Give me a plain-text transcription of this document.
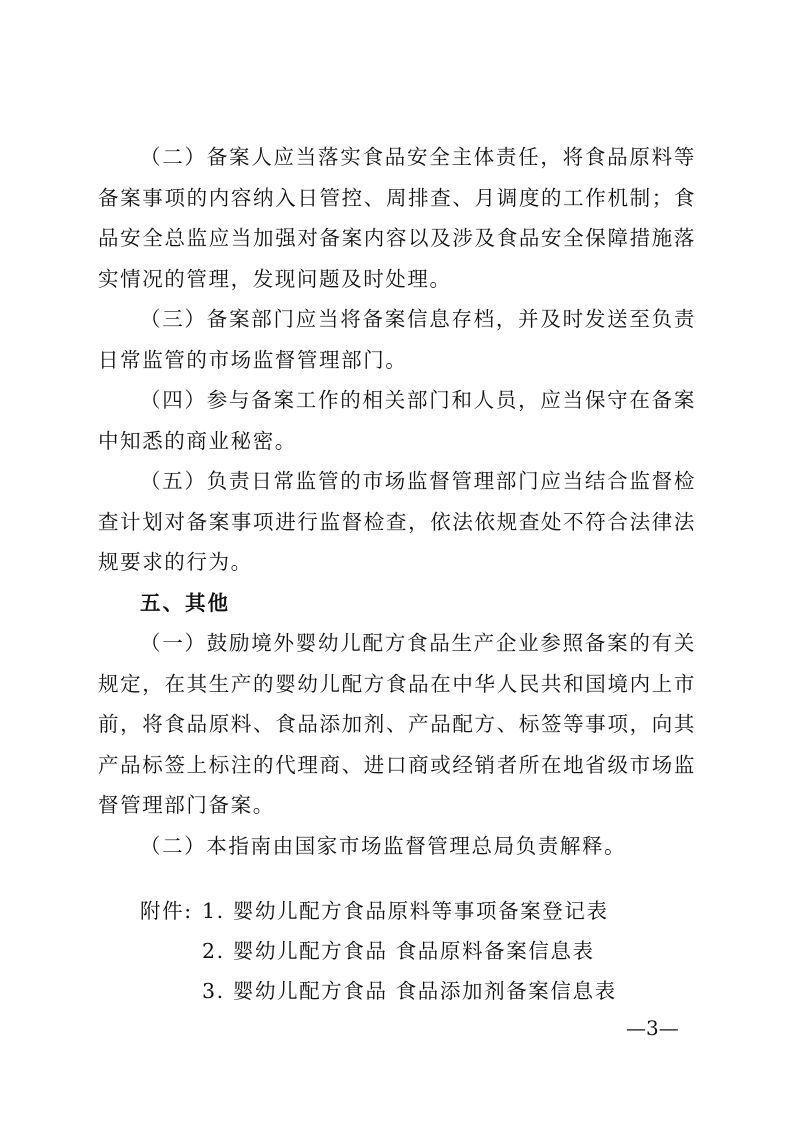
（二）备案人应当落实食品安全主体责任，将食品原料等备案事项的内容纳入日管控、周排查、月调度的工作机制；食品安全总监应当加强对备案内容以及涉及食品安全保障措施落实情况的管理，发现问题及时处理。

（三）备案部门应当将备案信息存档，并及时发送至负责日常监管的市场监督管理部门。

（四）参与备案工作的相关部门和人员，应当保守在备案中知悉的商业秘密。

（五）负责日常监管的市场监督管理部门应当结合监督检查计划对备案事项进行监督检查，依法依规查处不符合法律法规要求的行为。

五、其他

（一）鼓励境外婴幼儿配方食品生产企业参照备案的有关规定，在其生产的婴幼儿配方食品在中华人民共和国境内上市前，将食品原料、食品添加剂、产品配方、标签等事项，向其产品标签上标注的代理商、进口商或经销者所在地省级市场监督管理部门备案。

（二）本指南由国家市场监督管理总局负责解释。

附件: 1. 婴幼儿配方食品原料等事项备案登记表
2. 婴幼儿配方食品 食品原料备案信息表
3. 婴幼儿配方食品 食品添加剂备案信息表
—3—
